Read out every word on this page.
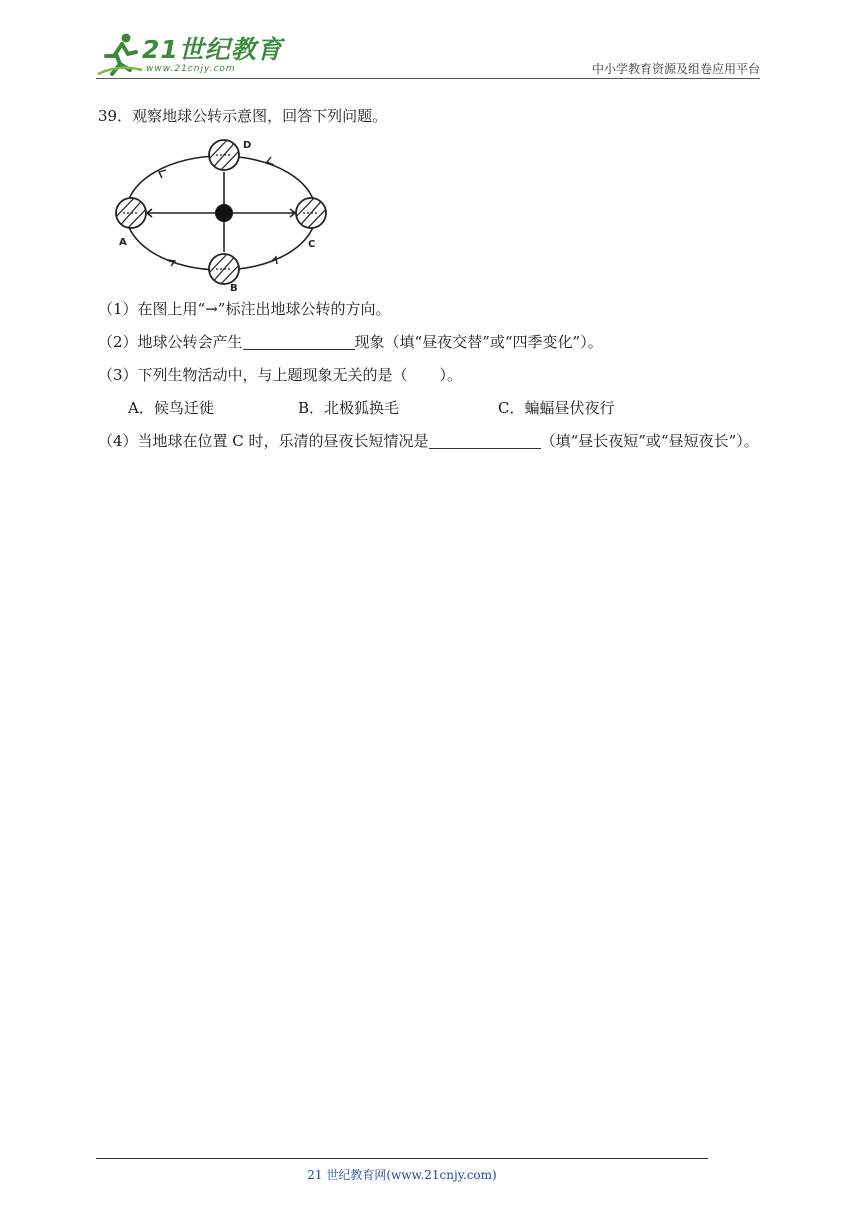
21世纪教育
www.21cnjy.com	中小学教育资源及组卷应用平台

39．观察地球公转示意图，回答下列问题。

D
A	C
B

（1）在图上用“→”标注出地球公转的方向。

（2）地球公转会产生	现象（填“昼夜交替”或“四季变化”）。

（3）下列生物活动中，与上题现象无关的是（ ）。

A．候鸟迁徙	B．北极狐换毛	C．蝙蝠昼伏夜行

（4）当地球在位置 C 时，乐清的昼夜长短情况是	（填“昼长夜短”或“昼短夜长”）。

21 世纪教育网(www.21cnjy.com)
